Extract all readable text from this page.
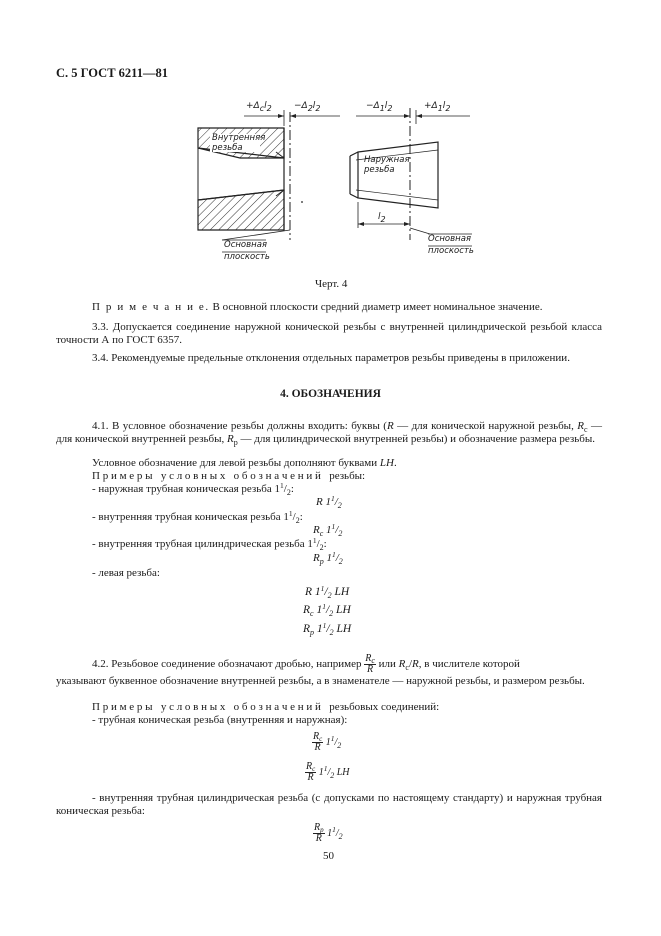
С. 5 ГОСТ 6211—81
+Δсl2 −Δ2l2
Внутренняя
резьба
Основная
плоскость
−Δ1l2	+Δ1l2
Наружная
резьба
l2
Основная
плоскость
Черт. 4
П р и м е ч а н и е. В основной плоскости средний диаметр имеет номинальное значение.
3.3. Допускается соединение наружной конической резьбы с внутренней цилиндрической резьбой класса точности А по ГОСТ 6357.
3.4. Рекомендуемые предельные отклонения отдельных параметров резьбы приведены в приложении.
4. ОБОЗНАЧЕНИЯ
4.1. В условное обозначение резьбы должны входить: буквы (R — для конической наружной резьбы, $R_с$ — для конической внутренней резьбы, $R_р$ — для цилиндрической внутренней резьбы) и обозначение размера резьбы.
Условное обозначение для левой резьбы дополняют буквами LH.
П р и м е р ы   у с л о в н ы х   о б о з н а ч е н и й   резьбы:
- наружная трубная коническая резьба $1^1/_2$:
R $1^1/_2$
- внутренняя трубная коническая резьба $1^1/_2$:
$R_с$ $1^1/_2$
- внутренняя трубная цилиндрическая резьба $1^1/_2$:
$R_р$ $1^1/_2$
- левая резьба:
R $1^1/_2$ LH
$R_с$ $1^1/_2$ LH
$R_р$ $1^1/_2$ LH
4.2. Резьбовое соединение обозначают дробью, например $\frac{R_с}{R}$ или $R_с/R$, в числителе которой
указывают буквенное обозначение внутренней резьбы, а в знаменателе — наружной резьбы, и размером резьбы.
П р и м е р ы   у с л о в н ы х   о б о з н а ч е н и й   резьбовых соединений:
- трубная коническая резьба (внутренняя и наружная):
$\frac{R_с}{R} 1^1/_2$
$\frac{R_с}{R} 1^1/_2$ LH
- внутренняя трубная цилиндрическая резьба (с допусками по настоящему стандарту) и наружная трубная коническая резьба:
$\frac{R_р}{R} 1^1/_2$
50
